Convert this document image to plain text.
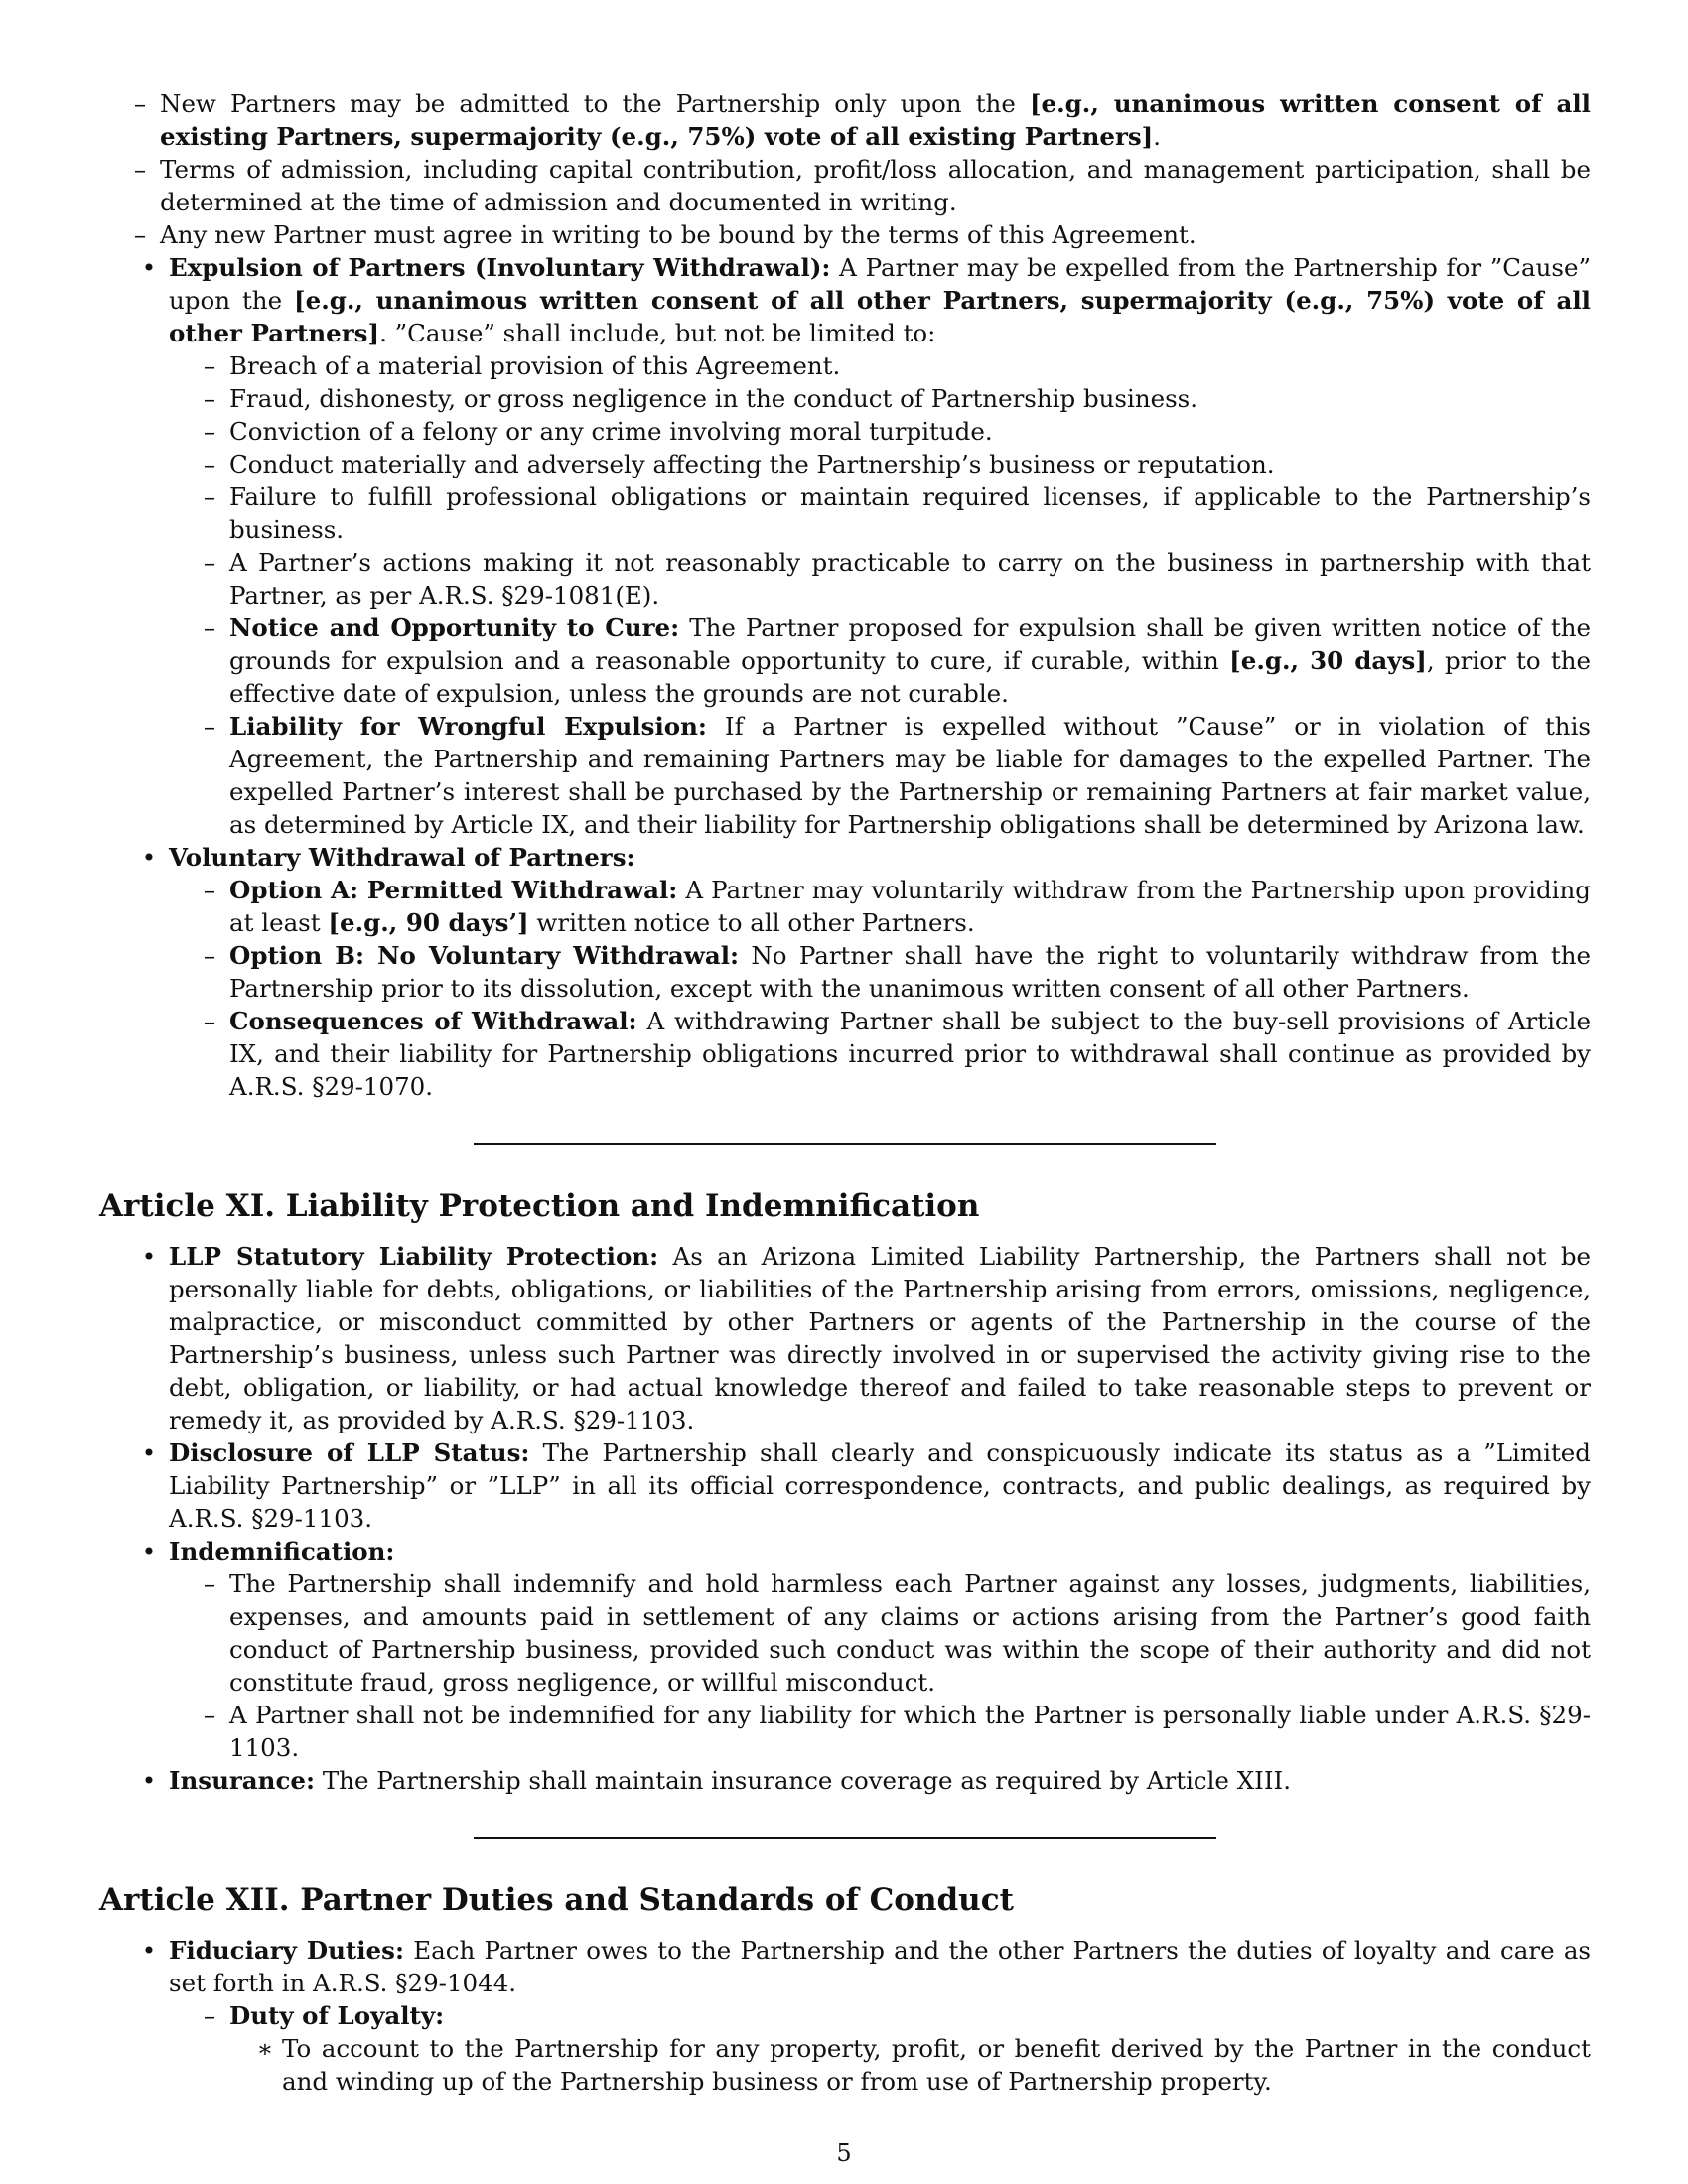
– New Partners may be admitted to the Partnership only upon the [e.g., unanimous written consent of all existing Partners, supermajority (e.g., 75%) vote of all existing Partners].
– Terms of admission, including capital contribution, profit/loss allocation, and management participation, shall be determined at the time of admission and documented in writing.
– Any new Partner must agree in writing to be bound by the terms of this Agreement.
• Expulsion of Partners (Involuntary Withdrawal): A Partner may be expelled from the Partnership for ”Cause” upon the [e.g., unanimous written consent of all other Partners, supermajority (e.g., 75%) vote of all other Partners]. ”Cause” shall include, but not be limited to:
– Breach of a material provision of this Agreement.
– Fraud, dishonesty, or gross negligence in the conduct of Partnership business.
– Conviction of a felony or any crime involving moral turpitude.
– Conduct materially and adversely affecting the Partnership’s business or reputation.
– Failure to fulfill professional obligations or maintain required licenses, if applicable to the Partnership’s business.
– A Partner’s actions making it not reasonably practicable to carry on the business in partnership with that Partner, as per A.R.S. §29-1081(E).
– Notice and Opportunity to Cure: The Partner proposed for expulsion shall be given written notice of the grounds for expulsion and a reasonable opportunity to cure, if curable, within [e.g., 30 days], prior to the effective date of expulsion, unless the grounds are not curable.
– Liability for Wrongful Expulsion: If a Partner is expelled without ”Cause” or in violation of this Agreement, the Partnership and remaining Partners may be liable for damages to the expelled Partner. The expelled Partner’s interest shall be purchased by the Partnership or remaining Partners at fair market value, as determined by Article IX, and their liability for Partnership obligations shall be determined by Arizona law.
• Voluntary Withdrawal of Partners:
– Option A: Permitted Withdrawal: A Partner may voluntarily withdraw from the Partnership upon providing at least [e.g., 90 days’] written notice to all other Partners.
– Option B: No Voluntary Withdrawal: No Partner shall have the right to voluntarily withdraw from the Partnership prior to its dissolution, except with the unanimous written consent of all other Partners.
– Consequences of Withdrawal: A withdrawing Partner shall be subject to the buy-sell provisions of Article IX, and their liability for Partnership obligations incurred prior to withdrawal shall continue as provided by A.R.S. §29-1070.
Article XI. Liability Protection and Indemnification
• LLP Statutory Liability Protection: As an Arizona Limited Liability Partnership, the Partners shall not be personally liable for debts, obligations, or liabilities of the Partnership arising from errors, omissions, negligence, malpractice, or misconduct committed by other Partners or agents of the Partnership in the course of the Partnership’s business, unless such Partner was directly involved in or supervised the activity giving rise to the debt, obligation, or liability, or had actual knowledge thereof and failed to take reasonable steps to prevent or remedy it, as provided by A.R.S. §29-1103.
• Disclosure of LLP Status: The Partnership shall clearly and conspicuously indicate its status as a ”Limited Liability Partnership” or ”LLP” in all its official correspondence, contracts, and public dealings, as required by A.R.S. §29-1103.
• Indemnification:
– The Partnership shall indemnify and hold harmless each Partner against any losses, judgments, liabilities, expenses, and amounts paid in settlement of any claims or actions arising from the Partner’s good faith conduct of Partnership business, provided such conduct was within the scope of their authority and did not constitute fraud, gross negligence, or willful misconduct.
– A Partner shall not be indemnified for any liability for which the Partner is personally liable under A.R.S. §29-1103.
• Insurance: The Partnership shall maintain insurance coverage as required by Article XIII.
Article XII. Partner Duties and Standards of Conduct
• Fiduciary Duties: Each Partner owes to the Partnership and the other Partners the duties of loyalty and care as set forth in A.R.S. §29-1044.
– Duty of Loyalty:
∗ To account to the Partnership for any property, profit, or benefit derived by the Partner in the conduct and winding up of the Partnership business or from use of Partnership property.
5
